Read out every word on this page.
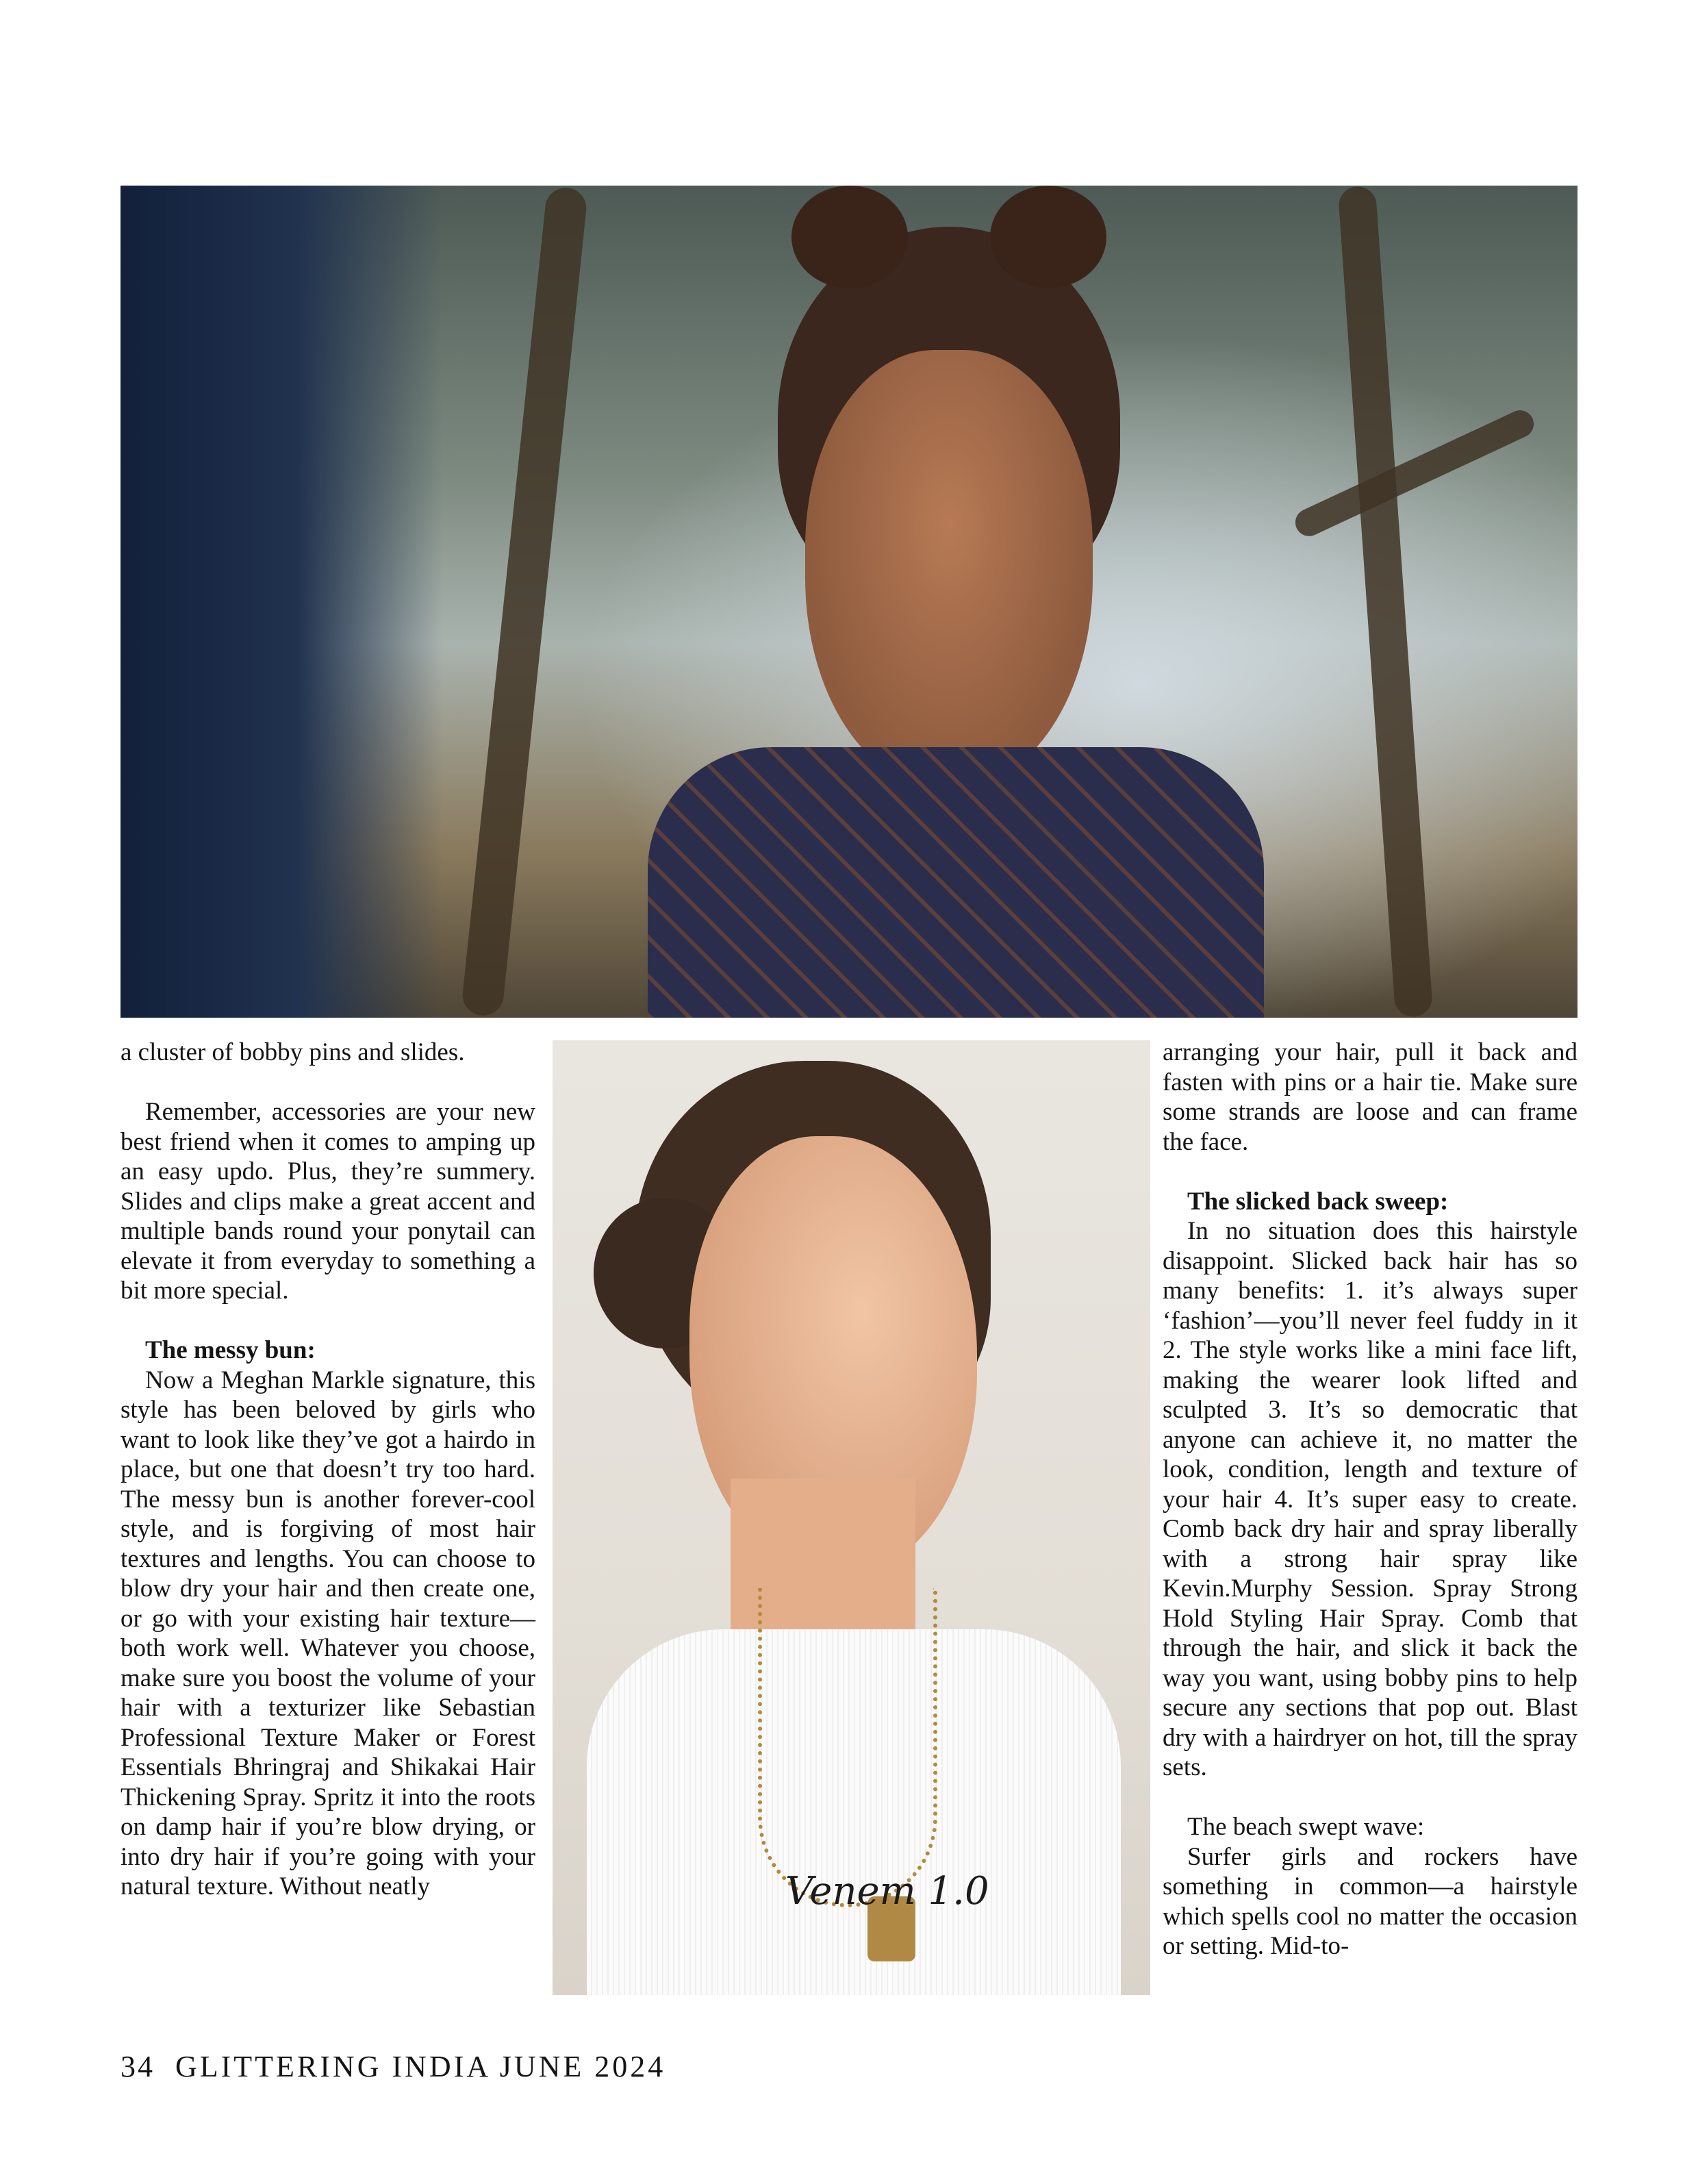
a cluster of bobby pins and slides.

Remember, accessories are your new best friend when it comes to amping up an easy updo. Plus, they’re summery. Slides and clips make a great accent and multiple bands round your ponytail can elevate it from everyday to something a bit more special.

The messy bun:

Now a Meghan Markle signature, this style has been beloved by girls who want to look like they’ve got a hairdo in place, but one that doesn’t try too hard. The messy bun is another forever-cool style, and is forgiving of most hair textures and lengths. You can choose to blow dry your hair and then create one, or go with your existing hair texture—both work well. Whatever you choose, make sure you boost the volume of your hair with a texturizer like Sebastian Professional Texture Maker or Forest Essentials Bhringraj and Shikakai Hair Thickening Spray. Spritz it into the roots on damp hair if you’re blow drying, or into dry hair if you’re going with your natural texture. Without neatly	Venem 1.0

arranging your hair, pull it back and fasten with pins or a hair tie. Make sure some strands are loose and can frame the face.

The slicked back sweep:

In no situation does this hairstyle disappoint. Slicked back hair has so many benefits: 1. it’s always super ‘fashion’—you’ll never feel fuddy in it 2. The style works like a mini face lift, making the wearer look lifted and sculpted 3. It’s so democratic that anyone can achieve it, no matter the look, condition, length and texture of your hair 4. It’s super easy to create. Comb back dry hair and spray liberally with a strong hair spray like Kevin.Murphy Session. Spray Strong Hold Styling Hair Spray. Comb that through the hair, and slick it back the way you want, using bobby pins to help secure any sections that pop out. Blast dry with a hairdryer on hot, till the spray sets.

The beach swept wave:

Surfer girls and rockers have something in common—a hairstyle which spells cool no matter the occasion or setting. Mid-to-

34 GLITTERING INDIA JUNE 2024
